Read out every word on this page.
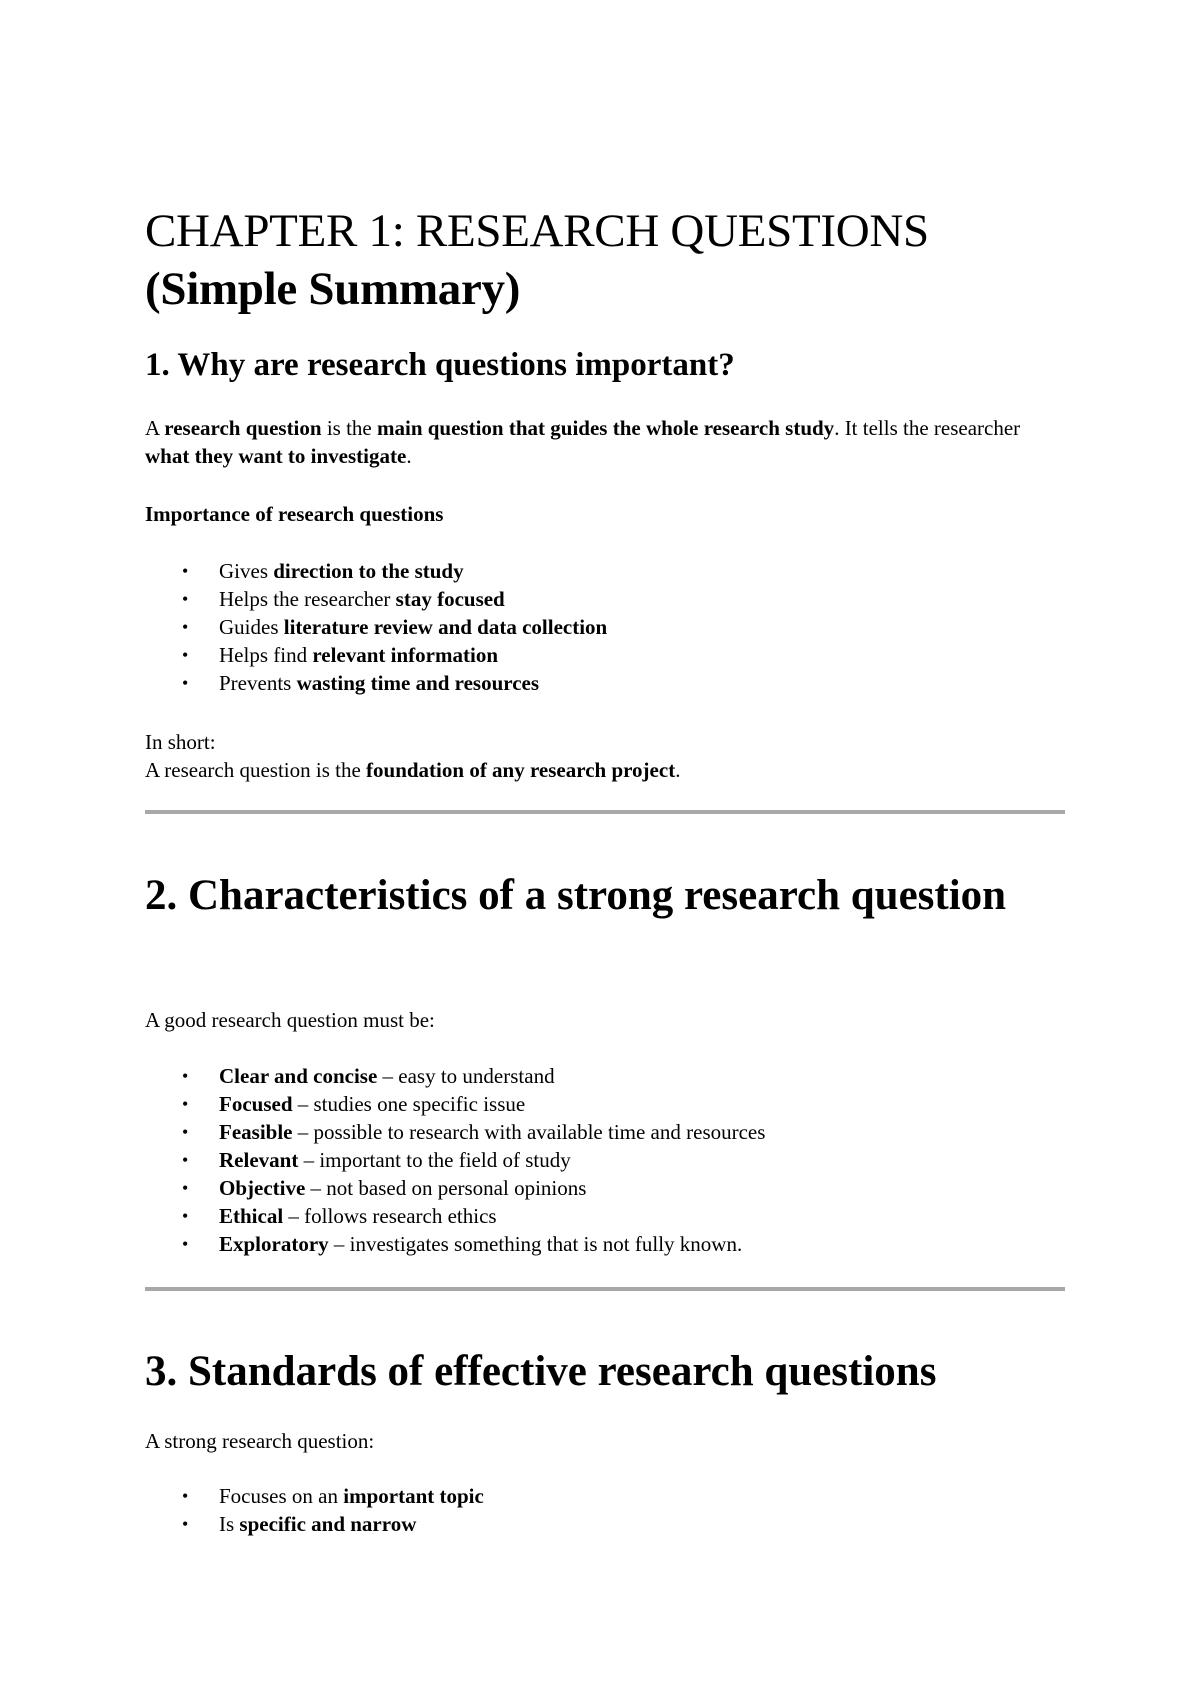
CHAPTER 1: RESEARCH QUESTIONS
(Simple Summary)
1. Why are research questions important?

A research question is the main question that guides the whole research study. It tells the researcher what they want to investigate.

Importance of research questions

• Gives direction to the study
• Helps the researcher stay focused
• Guides literature review and data collection
• Helps find relevant information
• Prevents wasting time and resources

In short:

A research question is the foundation of any research project.

2. Characteristics of a strong research question

A good research question must be:

• Clear and concise – easy to understand
• Focused – studies one specific issue
• Feasible – possible to research with available time and resources
• Relevant – important to the field of study
• Objective – not based on personal opinions
• Ethical – follows research ethics
• Exploratory – investigates something that is not fully known.
3. Standards of effective research questions

A strong research question:

• Focuses on an important topic
• Is specific and narrow
